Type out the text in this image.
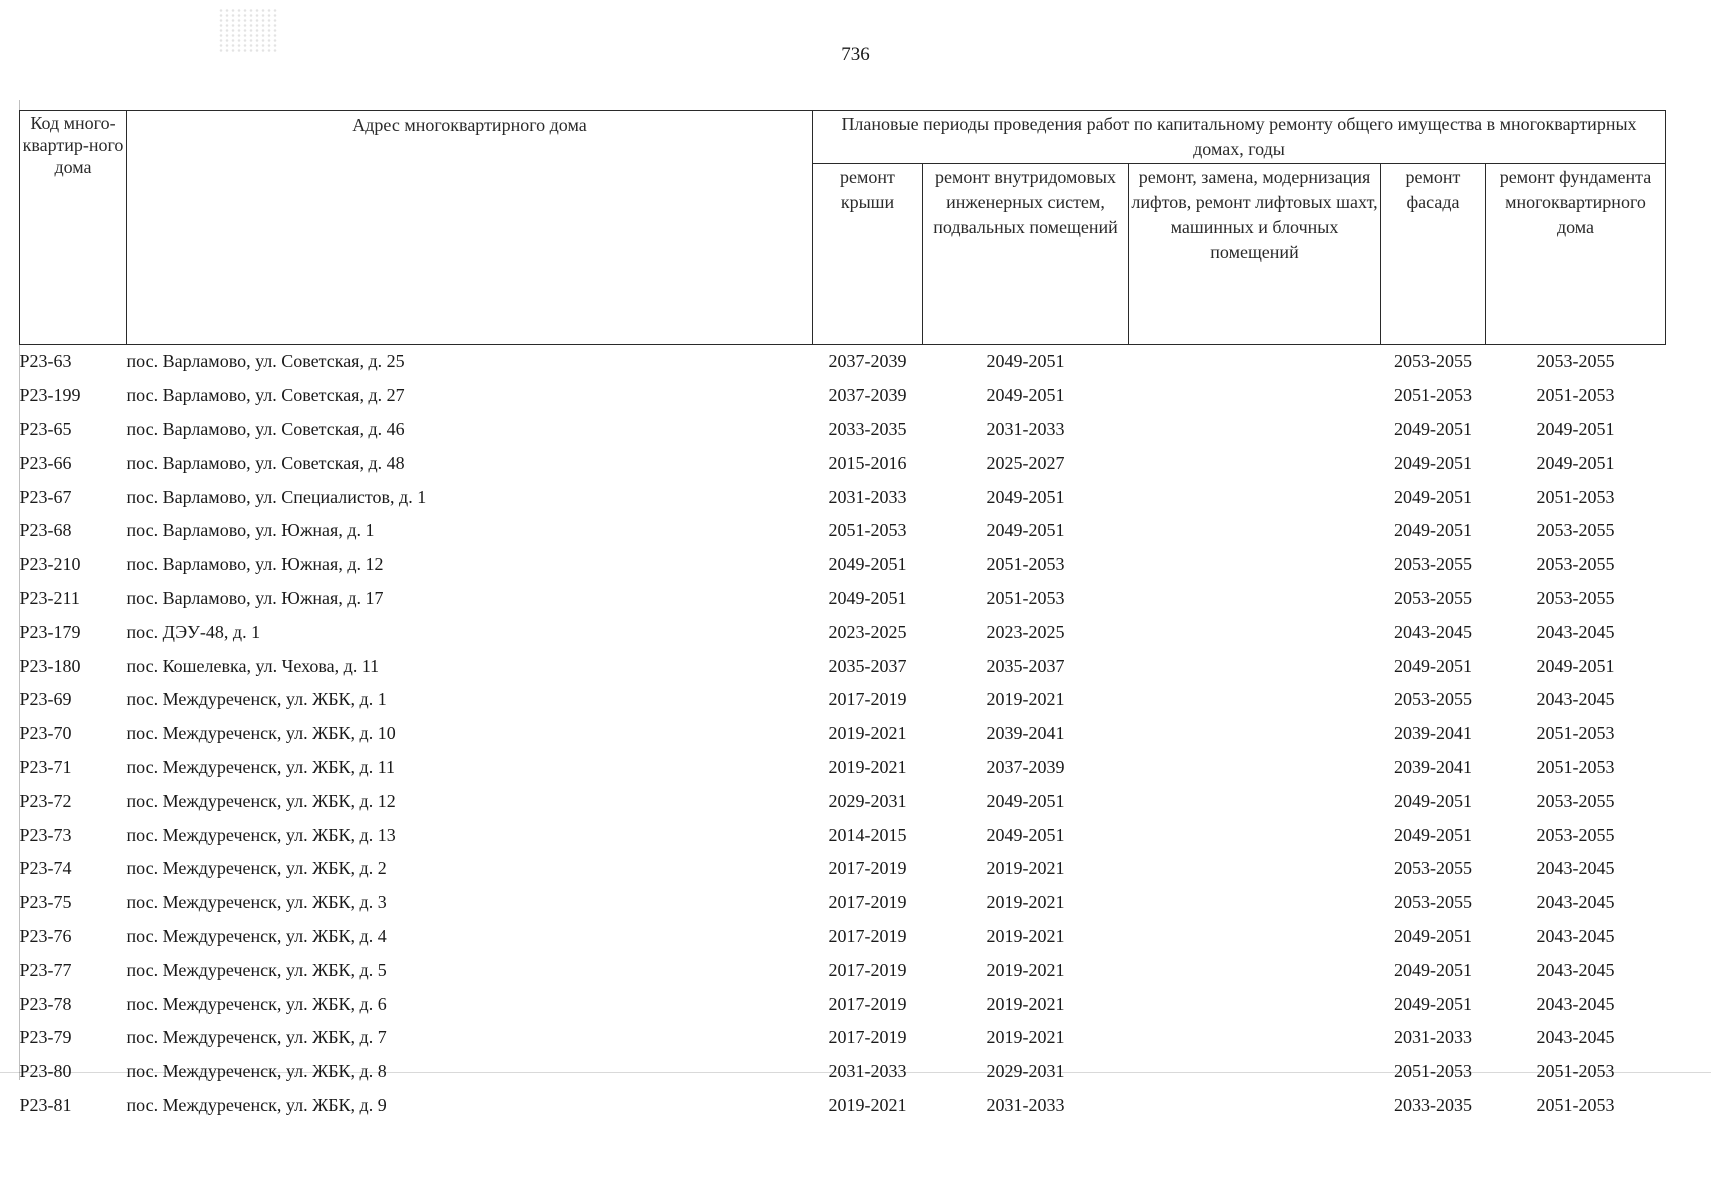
736
Код много-квартир-ного дома	Адрес многоквартирного дома	Плановые периоды проведения работ по капитальному ремонту общего имущества в многоквартирных домах, годы				
		ремонт крыши	ремонт внутридомовых инженерных систем, подвальных помещений	ремонт, замена, модернизация лифтов, ремонт лифтовых шахт, машинных и блочных помещений	ремонт фасада	ремонт фундамента многоквартирного дома
Р23-63	пос. Варламово, ул. Советская, д. 25	2037-2039	2049-2051		2053-2055	2053-2055
Р23-199	пос. Варламово, ул. Советская, д. 27	2037-2039	2049-2051		2051-2053	2051-2053
Р23-65	пос. Варламово, ул. Советская, д. 46	2033-2035	2031-2033		2049-2051	2049-2051
Р23-66	пос. Варламово, ул. Советская, д. 48	2015-2016	2025-2027		2049-2051	2049-2051
Р23-67	пос. Варламово, ул. Специалистов, д. 1	2031-2033	2049-2051		2049-2051	2051-2053
Р23-68	пос. Варламово, ул. Южная, д. 1	2051-2053	2049-2051		2049-2051	2053-2055
Р23-210	пос. Варламово, ул. Южная, д. 12	2049-2051	2051-2053		2053-2055	2053-2055
Р23-211	пос. Варламово, ул. Южная, д. 17	2049-2051	2051-2053		2053-2055	2053-2055
Р23-179	пос. ДЭУ-48, д. 1	2023-2025	2023-2025		2043-2045	2043-2045
Р23-180	пос. Кошелевка, ул. Чехова, д. 11	2035-2037	2035-2037		2049-2051	2049-2051
Р23-69	пос. Междуреченск, ул. ЖБК, д. 1	2017-2019	2019-2021		2053-2055	2043-2045
Р23-70	пос. Междуреченск, ул. ЖБК, д. 10	2019-2021	2039-2041		2039-2041	2051-2053
Р23-71	пос. Междуреченск, ул. ЖБК, д. 11	2019-2021	2037-2039		2039-2041	2051-2053
Р23-72	пос. Междуреченск, ул. ЖБК, д. 12	2029-2031	2049-2051		2049-2051	2053-2055
Р23-73	пос. Междуреченск, ул. ЖБК, д. 13	2014-2015	2049-2051		2049-2051	2053-2055
Р23-74	пос. Междуреченск, ул. ЖБК, д. 2	2017-2019	2019-2021		2053-2055	2043-2045
Р23-75	пос. Междуреченск, ул. ЖБК, д. 3	2017-2019	2019-2021		2053-2055	2043-2045
Р23-76	пос. Междуреченск, ул. ЖБК, д. 4	2017-2019	2019-2021		2049-2051	2043-2045
Р23-77	пос. Междуреченск, ул. ЖБК, д. 5	2017-2019	2019-2021		2049-2051	2043-2045
Р23-78	пос. Междуреченск, ул. ЖБК, д. 6	2017-2019	2019-2021		2049-2051	2043-2045
Р23-79	пос. Междуреченск, ул. ЖБК, д. 7	2017-2019	2019-2021		2031-2033	2043-2045
Р23-80	пос. Междуреченск, ул. ЖБК, д. 8	2031-2033	2029-2031		2051-2053	2051-2053
Р23-81	пос. Междуреченск, ул. ЖБК, д. 9	2019-2021	2031-2033		2033-2035	2051-2053
